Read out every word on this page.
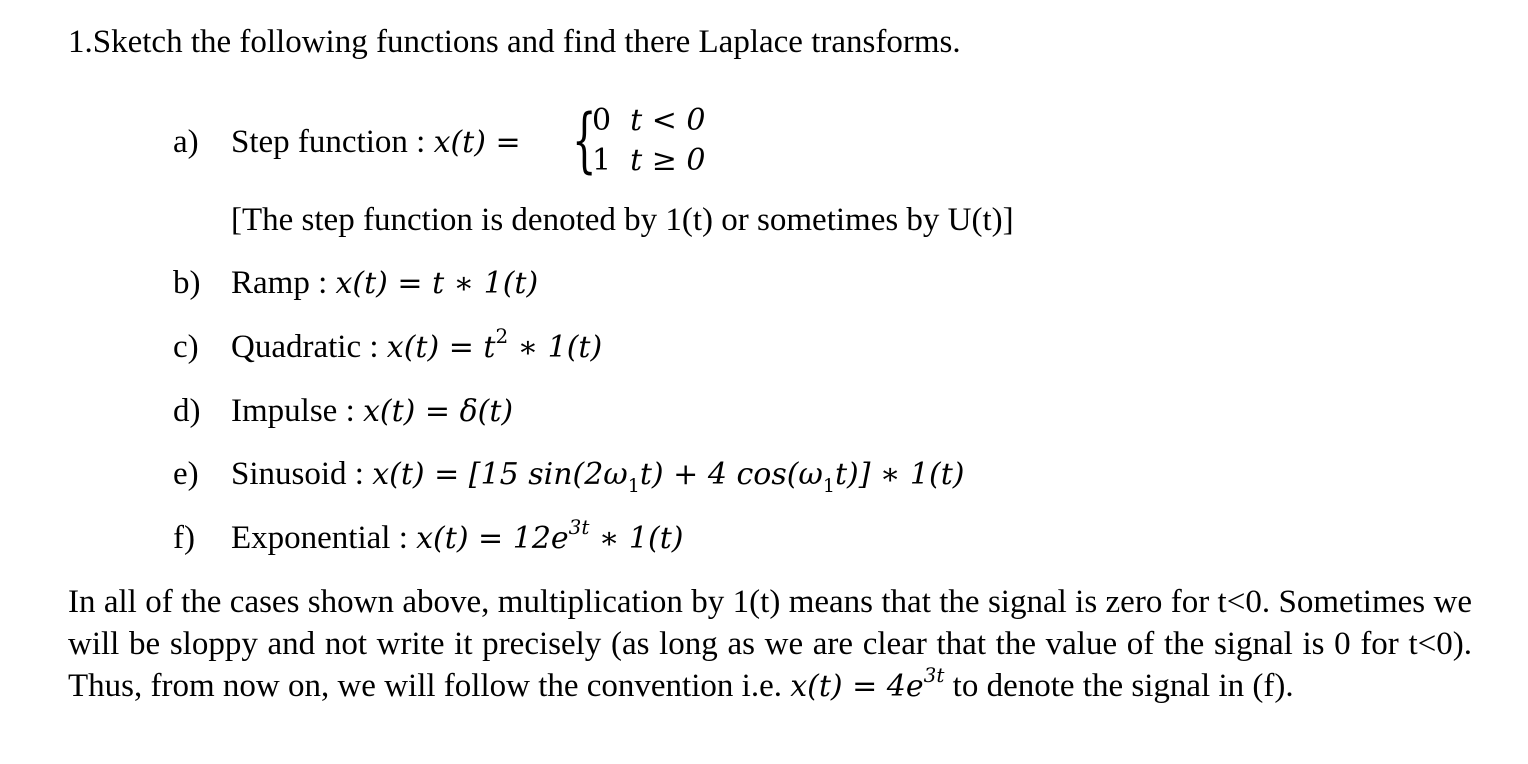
1.Sketch the following functions and find there Laplace transforms.
a) Step function : x(t) = {
0 t < 0
1 t ≥ 0
[The step function is denoted by 1(t) or sometimes by U(t)]
b) Ramp : x(t) = t ∗ 1(t)
c) Quadratic : $x(t) = t^2$ ∗ 1(t)
d) Impulse : x(t) = δ(t)
e) Sinusoid : x(t) = [15 $\sin(2\omega_1t) + 4$ $\cos(\omega_1t)$] ∗ 1(t)
f) Exponential : $x(t) = 12e^{3t}$ ∗ 1(t)
In all of the cases shown above, multiplication by 1(t) means that the signal is zero for t<0. Sometimes we will be sloppy and not write it precisely (as long as we are clear that the value of the signal is 0 for t<0). Thus, from now on, we will follow the convention i.e. $x(t) = 4e^{3t}$ to denote the signal in (f).
